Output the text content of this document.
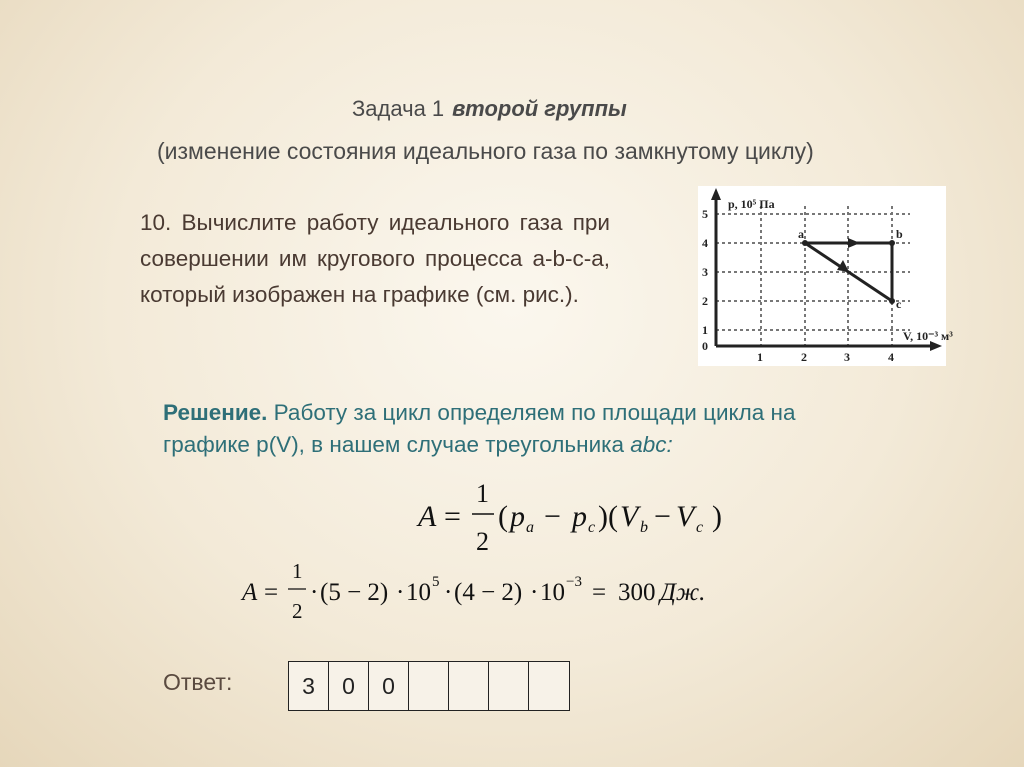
Задача 1 второй группы
(изменение состояния идеального газа по замкнутому циклу)
10. Вычислите работу идеального газа при совершении им кругового процесса a-b-c-a, который изображен на графике (см. рис.).
p, 10⁵ Па
V, 10⁻³ м³
0
1
2
3
4
5
1	2	3	4
a	b
c
Решение. Работу за цикл определяем по площади цикла на графике p(V), в нашем случае треугольника abc:
A =
1
2
( p a − p c )( V b − V c )
A =
1
2
· (5 − 2) · 10 5 · (4 − 2) · 10 −3 = 300 Дж.
Ответ:	3	0	0
